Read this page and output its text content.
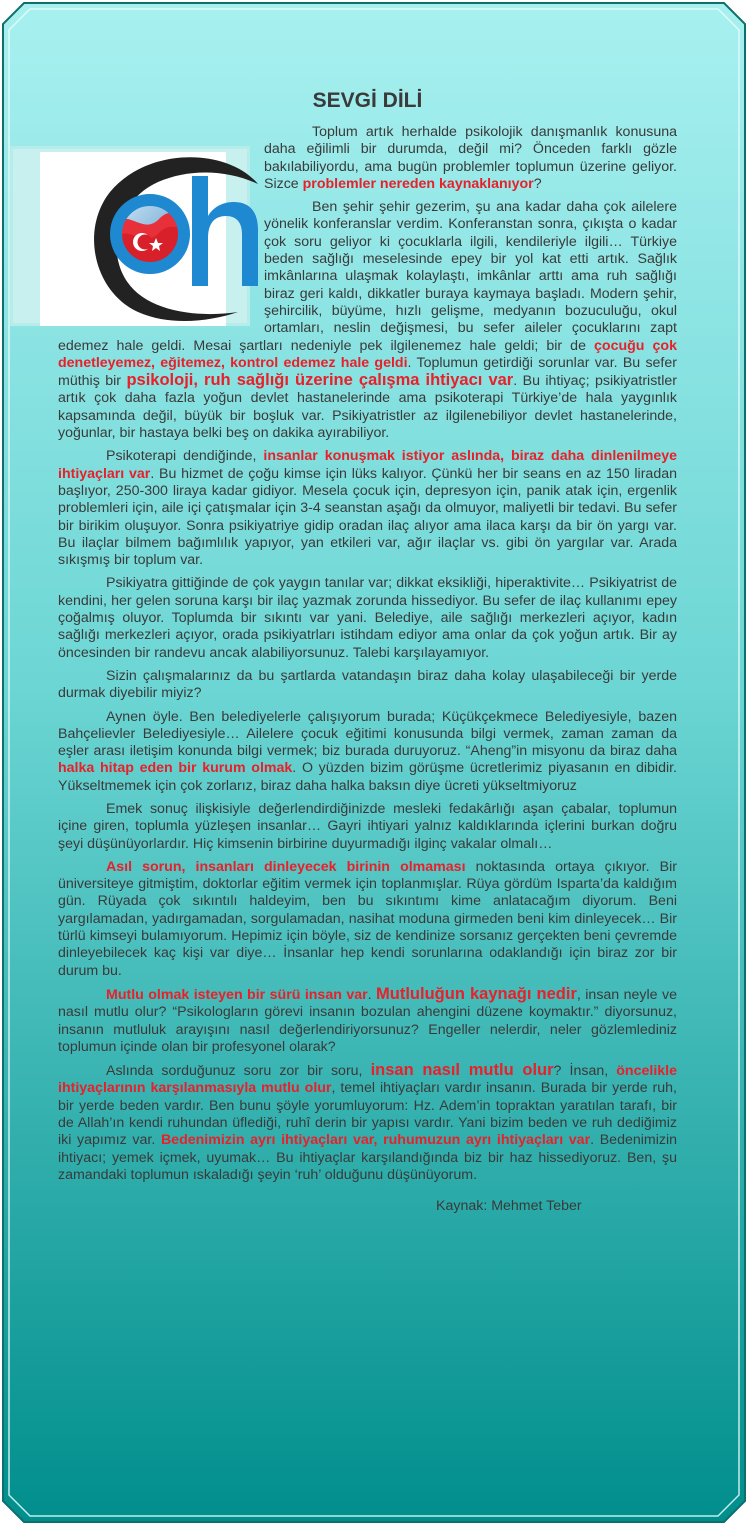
SEVGİ DİLİ

Toplum artık herhalde psikolojik danışmanlık konusuna daha eğilimli bir durumda, değil mi? Önceden farklı gözle bakılabiliyordu, ama bugün problemler toplumun üzerine geliyor. Sizce problemler nereden kaynaklanıyor?

Ben şehir şehir gezerim, şu ana kadar daha çok ailelere yönelik konferanslar verdim. Konferanstan sonra, çıkışta o kadar çok soru geliyor ki çocuklarla ilgili, kendileriyle ilgili… Türkiye beden sağlığı meselesinde epey bir yol kat etti artık. Sağlık imkânlarına ulaşmak kolaylaştı, imkânlar arttı ama ruh sağlığı biraz geri kaldı, dikkatler buraya kaymaya başladı. Modern şehir, şehircilik, büyüme, hızlı gelişme, medyanın bozuculuğu, okul ortamları, neslin değişmesi, bu sefer aileler çocuklarını zapt edemez hale geldi. Mesai şartları nedeniyle pek ilgilenemez hale geldi; bir de çocuğu çok denetleyemez, eğitemez, kontrol edemez hale geldi. Toplumun getirdiği sorunlar var. Bu sefer müthiş bir psikoloji, ruh sağlığı üzerine çalışma ihtiyacı var. Bu ihtiyaç; psikiyatristler artık çok daha fazla yoğun devlet hastanelerinde ama psikoterapi Türkiye’de hala yaygınlık kapsamında değil, büyük bir boşluk var. Psikiyatristler az ilgilenebiliyor devlet hastanelerinde, yoğunlar, bir hastaya belki beş on dakika ayırabiliyor.

Psikoterapi dendiğinde, insanlar konuşmak istiyor aslında, biraz daha dinlenilmeye ihtiyaçları var. Bu hizmet de çoğu kimse için lüks kalıyor. Çünkü her bir seans en az 150 liradan başlıyor, 250-300 liraya kadar gidiyor. Mesela çocuk için, depresyon için, panik atak için, ergenlik problemleri için, aile içi çatışmalar için 3-4 seanstan aşağı da olmuyor, maliyetli bir tedavi. Bu sefer bir birikim oluşuyor. Sonra psikiyatriye gidip oradan ilaç alıyor ama ilaca karşı da bir ön yargı var. Bu ilaçlar bilmem bağımlılık yapıyor, yan etkileri var, ağır ilaçlar vs. gibi ön yargılar var. Arada sıkışmış bir toplum var.

Psikiyatra gittiğinde de çok yaygın tanılar var; dikkat eksikliği, hiperaktivite… Psikiyatrist de kendini, her gelen soruna karşı bir ilaç yazmak zorunda hissediyor. Bu sefer de ilaç kullanımı epey çoğalmış oluyor. Toplumda bir sıkıntı var yani. Belediye, aile sağlığı merkezleri açıyor, kadın sağlığı merkezleri açıyor, orada psikiyatrları istihdam ediyor ama onlar da çok yoğun artık. Bir ay öncesinden bir randevu ancak alabiliyorsunuz. Talebi karşılayamıyor.

Sizin çalışmalarınız da bu şartlarda vatandaşın biraz daha kolay ulaşabileceği bir yerde durmak diyebilir miyiz?

Aynen öyle. Ben belediyelerle çalışıyorum burada; Küçükçekmece Belediyesiyle, bazen Bahçelievler Belediyesiyle… Ailelere çocuk eğitimi konusunda bilgi vermek, zaman zaman da eşler arası iletişim konunda bilgi vermek; biz burada duruyoruz. “Aheng”in misyonu da biraz daha halka hitap eden bir kurum olmak. O yüzden bizim görüşme ücretlerimiz piyasanın en dibidir. Yükseltmemek için çok zorlarız, biraz daha halka baksın diye ücreti yükseltmiyoruz

Emek sonuç ilişkisiyle değerlendirdiğinizde mesleki fedakârlığı aşan çabalar, toplumun içine giren, toplumla yüzleşen insanlar… Gayri ihtiyari yalnız kaldıklarında içlerini burkan doğru şeyi düşünüyorlardır. Hiç kimsenin birbirine duyurmadığı ilginç vakalar olmalı…

Asıl sorun, insanları dinleyecek birinin olmaması noktasında ortaya çıkıyor. Bir üniversiteye gitmiştim, doktorlar eğitim vermek için toplanmışlar. Rüya gördüm Isparta’da kaldığım gün. Rüyada çok sıkıntılı haldeyim, ben bu sıkıntımı kime anlatacağım diyorum. Beni yargılamadan, yadırgamadan, sorgulamadan, nasihat moduna girmeden beni kim dinleyecek… Bir türlü kimseyi bulamıyorum. Hepimiz için böyle, siz de kendinize sorsanız gerçekten beni çevremde dinleyebilecek kaç kişi var diye… İnsanlar hep kendi sorunlarına odaklandığı için biraz zor bir durum bu.

Mutlu olmak isteyen bir sürü insan var. Mutluluğun kaynağı nedir, insan neyle ve nasıl mutlu olur? “Psikologların görevi insanın bozulan ahengini düzene koymaktır.” diyorsunuz, insanın mutluluk arayışını nasıl değerlendiriyorsunuz? Engeller nelerdir, neler gözlemlediniz toplumun içinde olan bir profesyonel olarak?

Aslında sorduğunuz soru zor bir soru, insan nasıl mutlu olur? İnsan, öncelikle ihtiyaçlarının karşılanmasıyla mutlu olur, temel ihtiyaçları vardır insanın. Burada bir yerde ruh, bir yerde beden vardır. Ben bunu şöyle yorumluyorum: Hz. Adem’in topraktan yaratılan tarafı, bir de Allah’ın kendi ruhundan üflediği, ruhî derin bir yapısı vardır. Yani bizim beden ve ruh dediğimiz iki yapımız var. Bedenimizin ayrı ihtiyaçları var, ruhumuzun ayrı ihtiyaçları var. Bedenimizin ihtiyacı; yemek içmek, uyumak… Bu ihtiyaçlar karşılandığında biz bir haz hissediyoruz. Ben, şu zamandaki toplumun ıskaladığı şeyin ‘ruh’ olduğunu düşünüyorum.

Kaynak: Mehmet Teber
